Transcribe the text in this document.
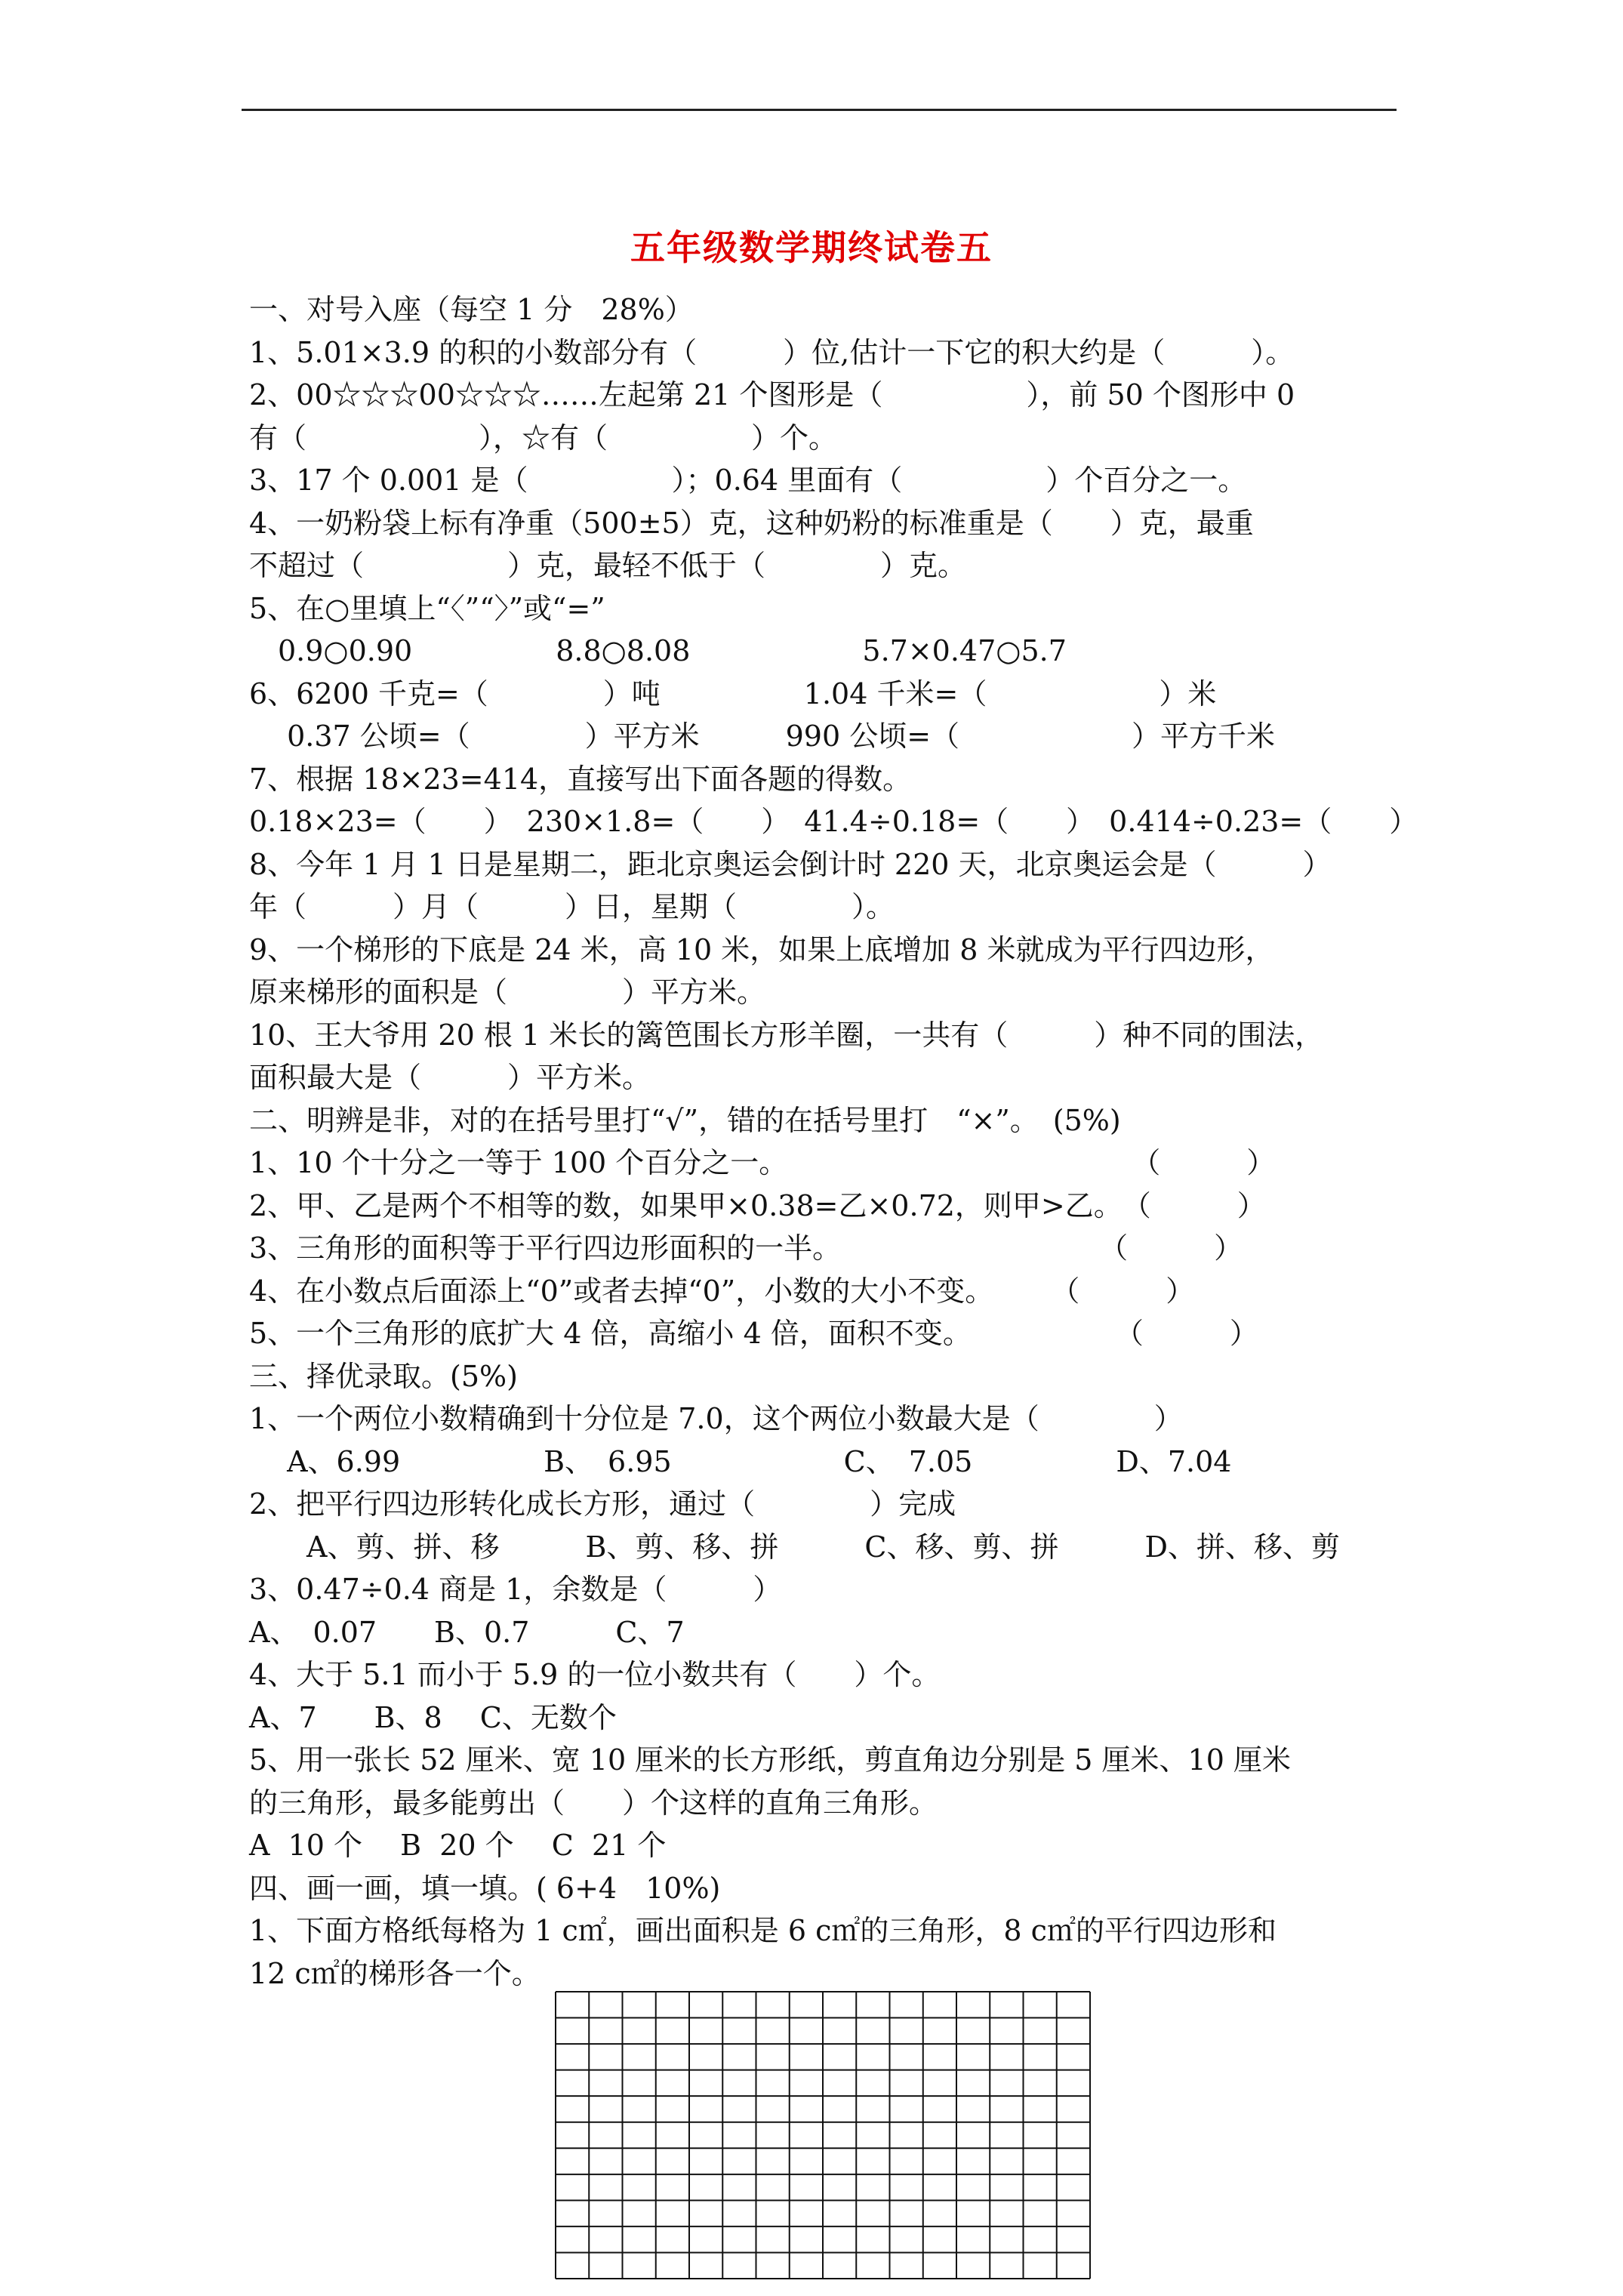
五年级数学期终试卷五
一、对号入座（每空 1 分　28%）
1、5.01×3.9 的积的小数部分有（　　　）位,估计一下它的积大约是（　　　）。
2、00☆☆☆00☆☆☆……左起第 21 个图形是（　　　　　），前 50 个图形中 0
有（　　　　　　），☆有（　　　　　）个。
3、17 个 0.001 是（　　　　　）；0.64 里面有（　　　　　）个百分之一。
4、一奶粉袋上标有净重（500±5）克，这种奶粉的标准重是（　　）克，最重
不超过（　　　　　）克，最轻不低于（　　　　）克。
5、在○里填上“〈”“〉”或“=”
　0.9○0.90　　　　　8.8○8.08　　　　　　5.7×0.47○5.7
6、6200 千克=（　　　　）吨　　　　　1.04 千米=（　　　　　　）米
　 0.37 公顷=（　　　　）平方米　　　990 公顷=（　　　　　　）平方千米
7、根据 18×23=414，直接写出下面各题的得数。
0.18×23=（　　）　230×1.8=（　　）　41.4÷0.18=（　　）　0.414÷0.23=（　　）
8、今年 1 月 1 日是星期二，距北京奥运会倒计时 220 天，北京奥运会是（　　　）
年（　　　）月（　　　）日，星期（　　　　）。
9、一个梯形的下底是 24 米，高 10 米，如果上底增加 8 米就成为平行四边形，
原来梯形的面积是（　　　　）平方米。
10、王大爷用 20 根 1 米长的篱笆围长方形羊圈，一共有（　　　）种不同的围法，
面积最大是（　　　）平方米。
二、明辨是非，对的在括号里打“√”，错的在括号里打　“×”。　(5%)
1、10 个十分之一等于 100 个百分之一。　　　　　　　　　　　　　（　　　）
2、甲、乙是两个不相等的数，如果甲×0.38=乙×0.72，则甲>乙。　（　　　）
3、三角形的面积等于平行四边形面积的一半。　　　　　　　　　　（　　　）
4、在小数点后面添上“0”或者去掉“0”，小数的大小不变。　　　（　　　）
5、一个三角形的底扩大 4 倍，高缩小 4 倍，面积不变。　　　　　　（　　　）
三、择优录取。(5%)
1、一个两位小数精确到十分位是 7.0，这个两位小数最大是（　　　　）
　 A、6.99　　　　　B、　6.95　　　　　　C、　7.05　　　　　D、7.04
2、把平行四边形转化成长方形，通过（　　　　）完成
　　A、剪、拼、移　　　B、剪、移、拼　　　C、移、剪、拼　　　D、拼、移、剪
3、0.47÷0.4 商是 1，余数是（　　　）
A、　0.07　　B、0.7　　　C、7
4、大于 5.1 而小于 5.9 的一位小数共有（　　）个。
A、7　　B、8　 C、无数个
5、用一张长 52 厘米、宽 10 厘米的长方形纸，剪直角边分别是 5 厘米、10 厘米
的三角形，最多能剪出（　　）个这样的直角三角形。
A  10 个　 B  20 个　 C  21 个
四、画一画，填一填。( 6+4　10%)
1、下面方格纸每格为 1 c㎡，画出面积是 6 c㎡的三角形，8 c㎡的平行四边形和
12 c㎡的梯形各一个。
